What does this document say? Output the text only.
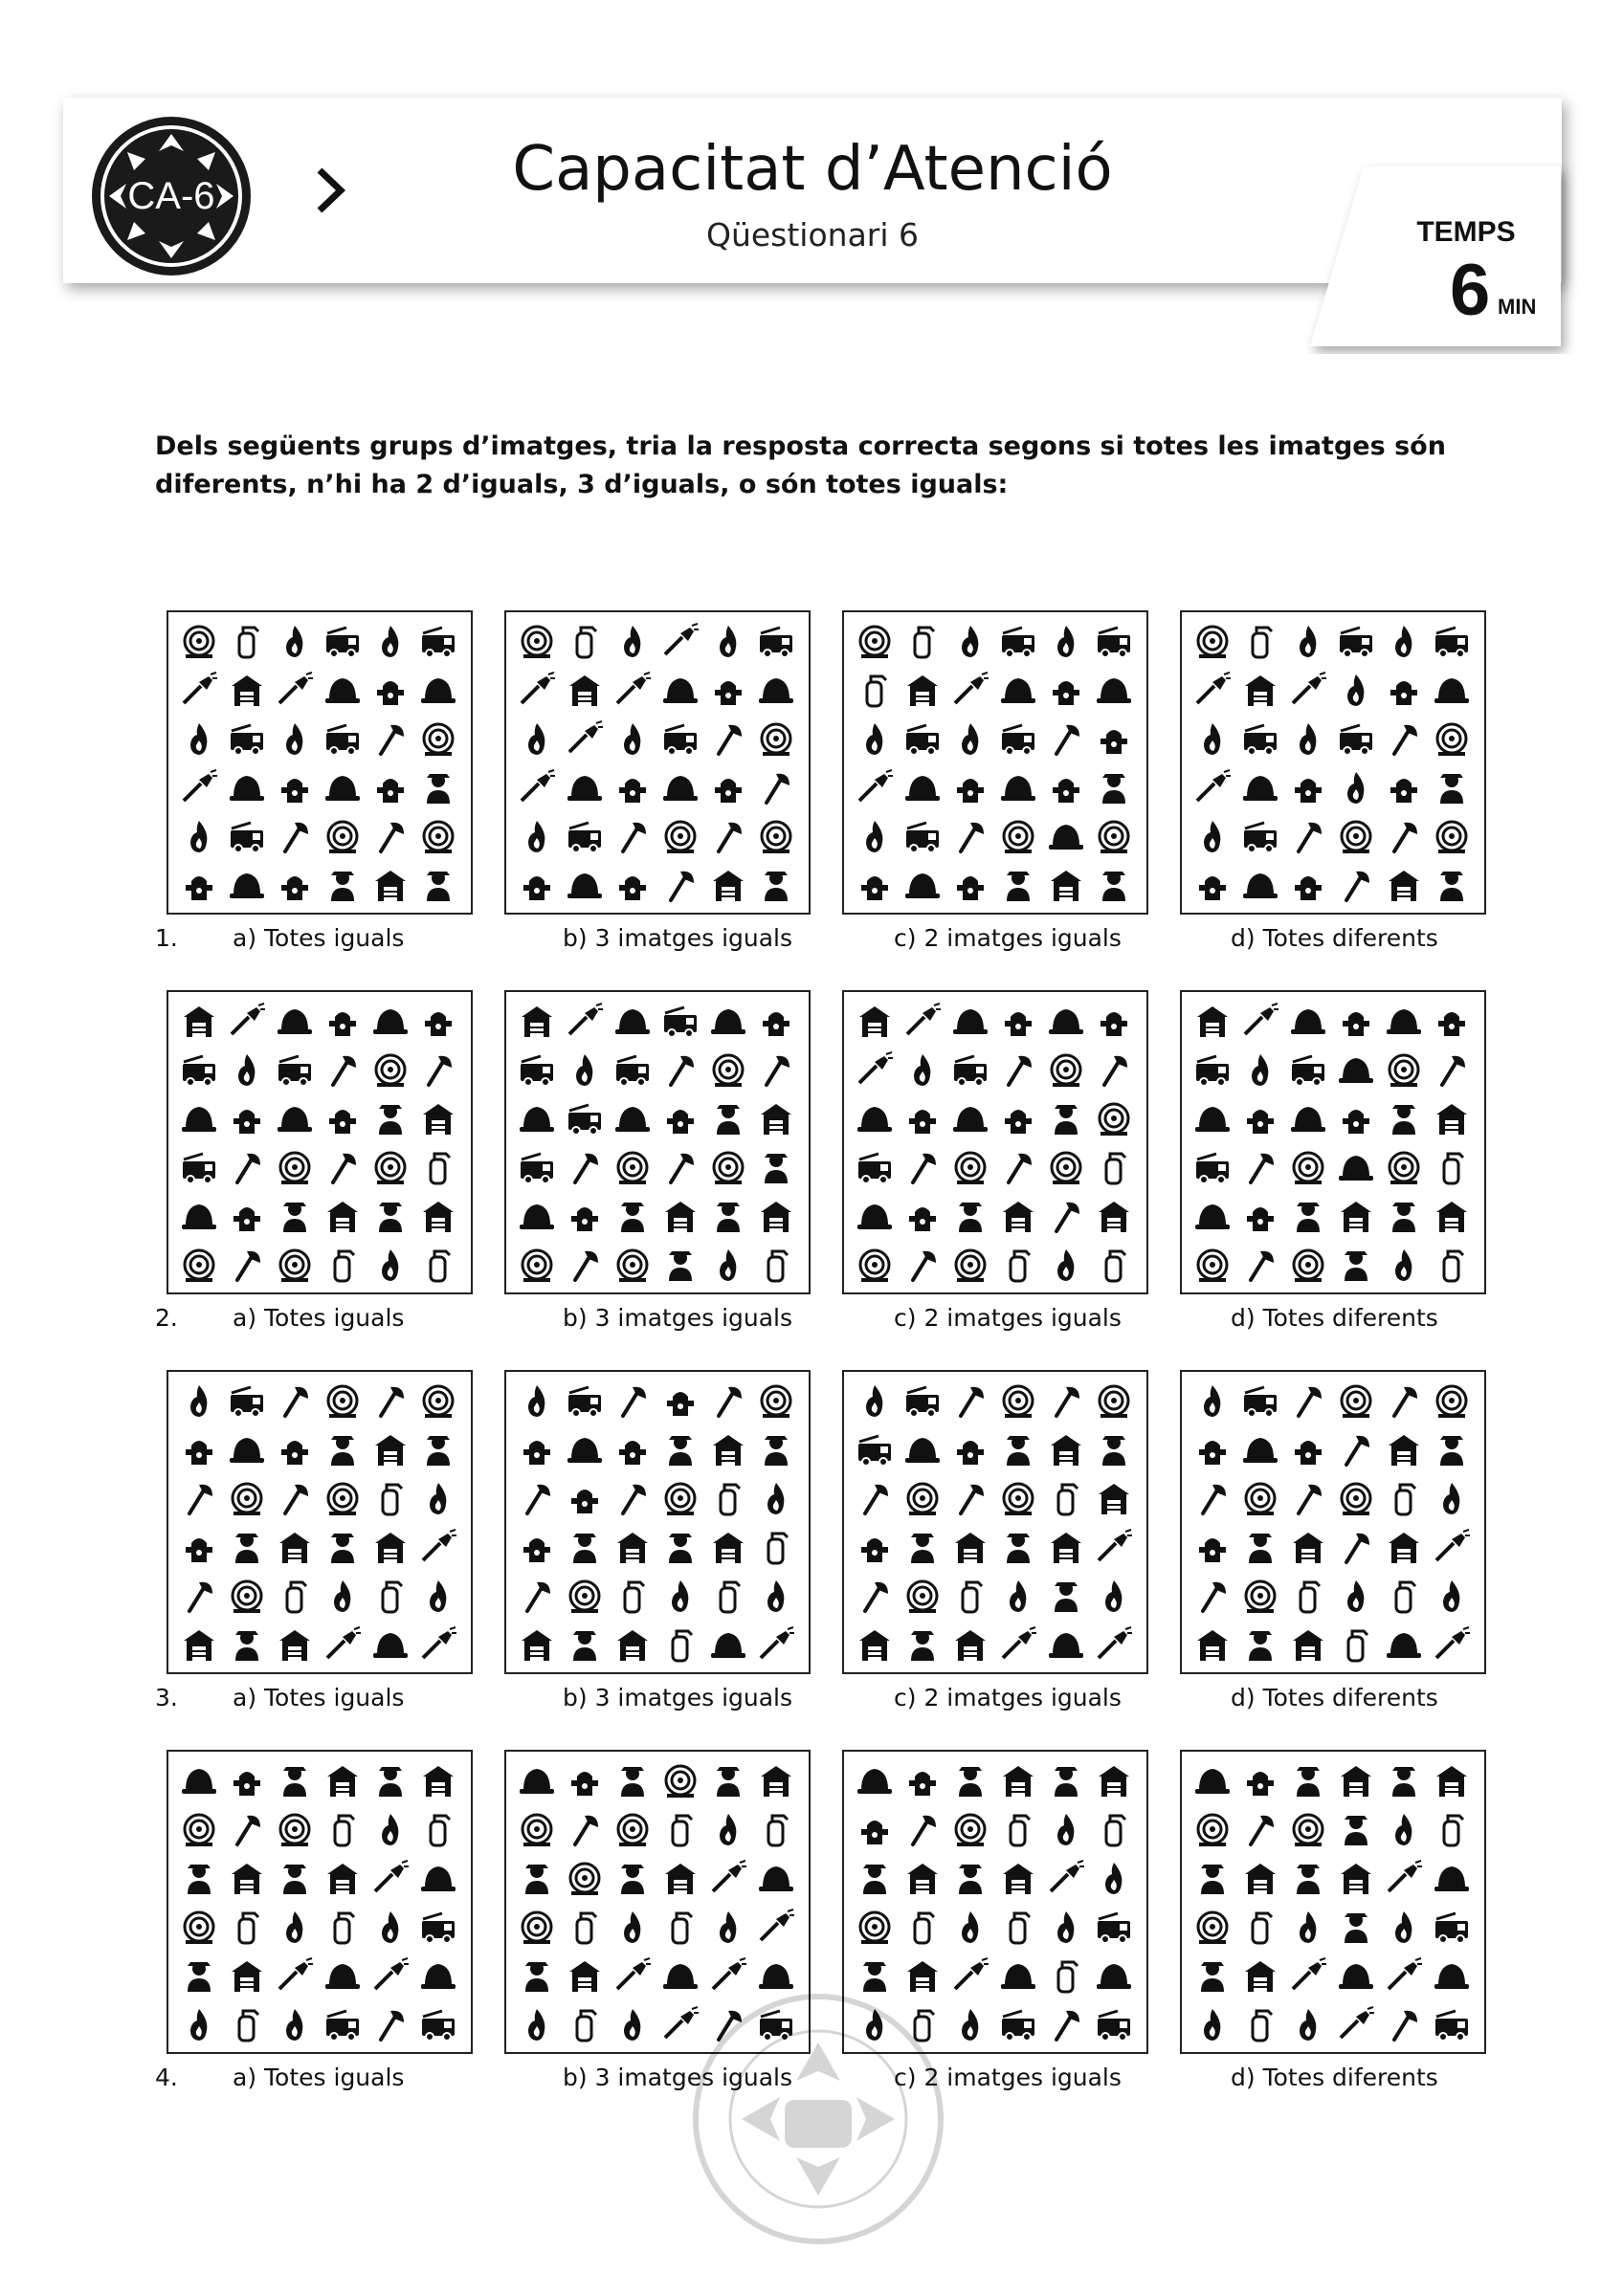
CA-6	Capacitat d’Atenció
Qüestionari 6	TEMPS
6 MIN
Dels següents grups d’imatges, tria la resposta correcta segons si totes les imatges són diferents, n’hi ha 2 d’iguals, 3 d’iguals, o són totes iguals:
1. a) Totes iguals	b) 3 imatges iguals	c) 2 imatges iguals	d) Totes diferents
2. a) Totes iguals	b) 3 imatges iguals	c) 2 imatges iguals	d) Totes diferents
3. a) Totes iguals	b) 3 imatges iguals	c) 2 imatges iguals	d) Totes diferents
4. a) Totes iguals	b) 3 imatges iguals	c) 2 imatges iguals	d) Totes diferents
